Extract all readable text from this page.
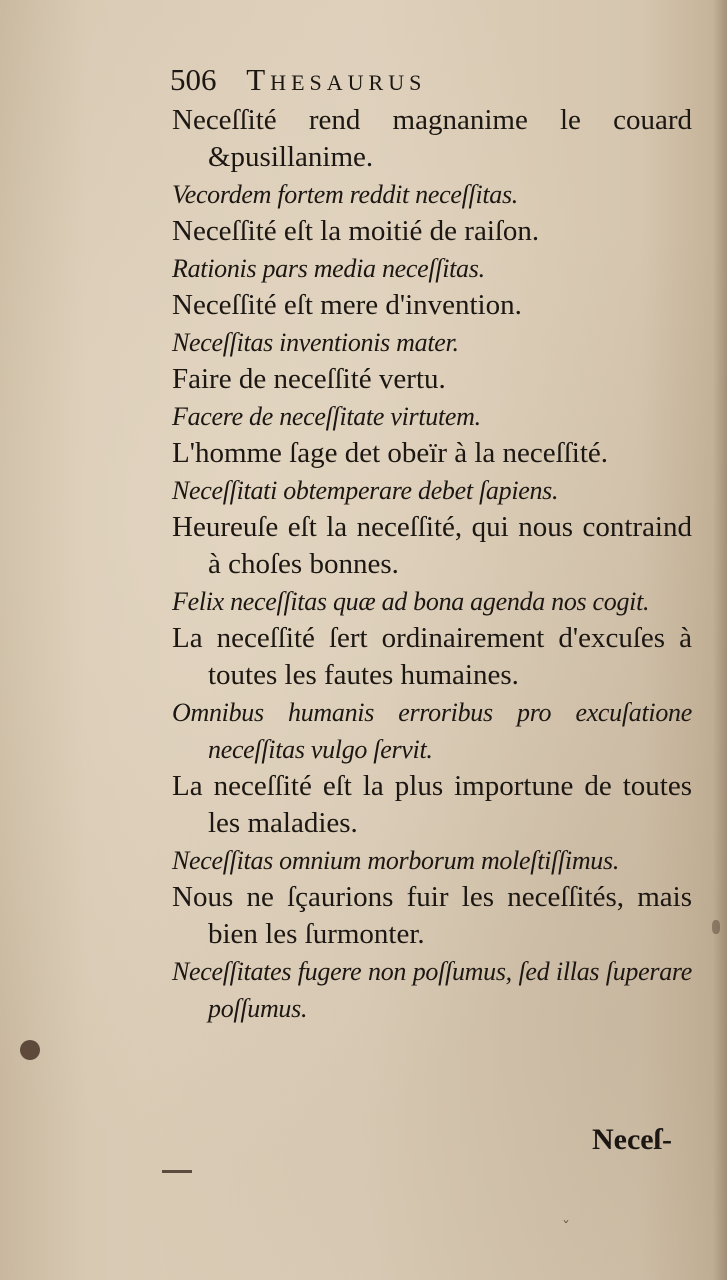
ˇ
506 Thesaurus

Neceſſité rend magnanime le couard &pusillanime.

Vecordem fortem reddit neceſſitas.

Neceſſité eſt la moitié de raiſon.

Rationis pars media neceſſitas.

Neceſſité eſt mere d'invention.

Neceſſitas inventionis mater.

Faire de neceſſité vertu.

Facere de neceſſitate virtutem.

L'homme ſage det obeïr à la neceſſité.

Neceſſitati obtemperare debet ſapiens.

Heureuſe eſt la neceſſité, qui nous contraind à choſes bonnes.

Felix neceſſitas quæ ad bona agenda nos cogit.

La neceſſité ſert ordinairement d'excuſes à toutes les fautes humaines.

Omnibus humanis erroribus pro excuſatione neceſſitas vulgo ſervit.

La neceſſité eſt la plus importune de toutes les maladies.

Neceſſitas omnium morborum moleſtiſſimus.

Nous ne ſçaurions fuir les neceſſités, mais bien les ſurmonter.

Neceſſitates fugere non poſſumus, ſed illas ſuperare poſſumus.

Neceſ-
